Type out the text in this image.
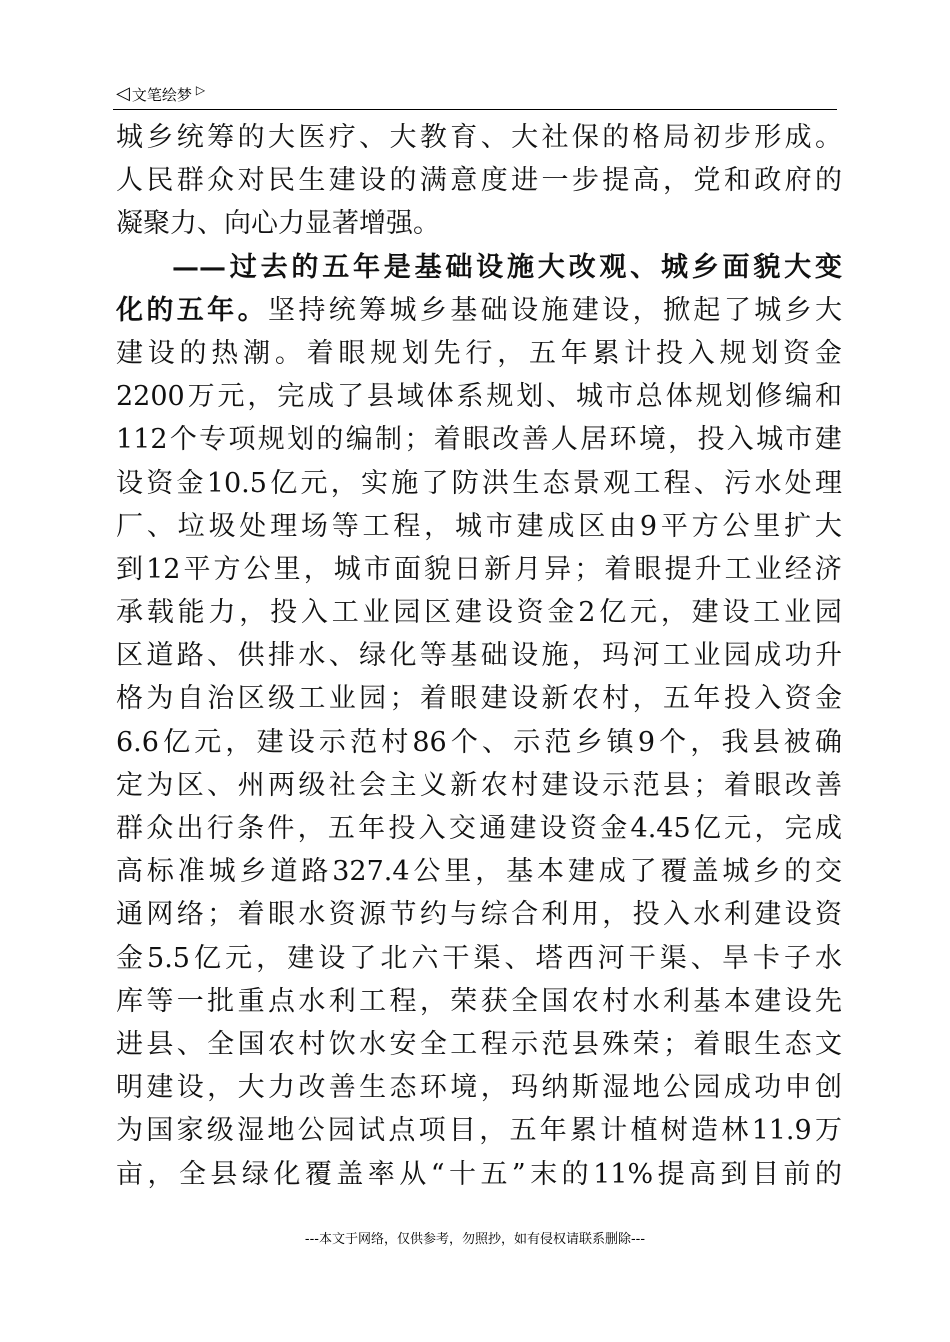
◁ 文笔绘梦 ▷
城 乡 统 筹 的 大 医 疗 、 大 教 育 、 大 社 保 的 格 局 初 步 形 成 。
人 民 群 众 对 民 生 建 设 的 满 意 度 进 一 步 提 高 ， 党 和 政 府 的
凝聚力、向心力显著增强。
—— 过 去 的 五 年 是 基 础 设 施 大 改 观 、 城 乡 面 貌 大 变
化 的 五 年 。 坚 持 统 筹 城 乡 基 础 设 施 建 设 ， 掀 起 了 城 乡 大
建 设 的 热 潮 。 着 眼 规 划 先 行 ， 五 年 累 计 投 入 规 划 资 金
2200 万 元 ， 完 成 了 县 域 体 系 规 划 、 城 市 总 体 规 划 修 编 和
112 个 专 项 规 划 的 编 制 ； 着 眼 改 善 人 居 环 境 ， 投 入 城 市 建
设 资 金 10.5 亿 元 ， 实 施 了 防 洪 生 态 景 观 工 程 、 污 水 处 理
厂 、 垃 圾 处 理 场 等 工 程 ， 城 市 建 成 区 由 9 平 方 公 里 扩 大
到 12 平 方 公 里 ， 城 市 面 貌 日 新 月 异 ； 着 眼 提 升 工 业 经 济
承 载 能 力 ， 投 入 工 业 园 区 建 设 资 金 2 亿 元 ， 建 设 工 业 园
区 道 路 、 供 排 水 、 绿 化 等 基 础 设 施 ， 玛 河 工 业 园 成 功 升
格 为 自 治 区 级 工 业 园 ； 着 眼 建 设 新 农 村 ， 五 年 投 入 资 金
6.6 亿 元 ， 建 设 示 范 村 86 个 、 示 范 乡 镇 9 个 ， 我 县 被 确
定 为 区 、 州 两 级 社 会 主 义 新 农 村 建 设 示 范 县 ； 着 眼 改 善
群 众 出 行 条 件 ， 五 年 投 入 交 通 建 设 资 金 4.45 亿 元 ， 完 成
高 标 准 城 乡 道 路 327.4 公 里 ， 基 本 建 成 了 覆 盖 城 乡 的 交
通 网 络 ； 着 眼 水 资 源 节 约 与 综 合 利 用 ， 投 入 水 利 建 设 资
金 5.5 亿 元 ， 建 设 了 北 六 干 渠 、 塔 西 河 干 渠 、 旱 卡 子 水
库 等 一 批 重 点 水 利 工 程 ， 荣 获 全 国 农 村 水 利 基 本 建 设 先
进 县 、 全 国 农 村 饮 水 安 全 工 程 示 范 县 殊 荣 ； 着 眼 生 态 文
明 建 设 ， 大 力 改 善 生 态 环 境 ， 玛 纳 斯 湿 地 公 园 成 功 申 创
为 国 家 级 湿 地 公 园 试 点 项 目 ， 五 年 累 计 植 树 造 林 11.9 万
亩 ， 全 县 绿 化 覆 盖 率 从 “ 十 五 ” 末 的 11% 提 高 到 目 前 的
---本文于网络，仅供参考，勿照抄，如有侵权请联系删除---
